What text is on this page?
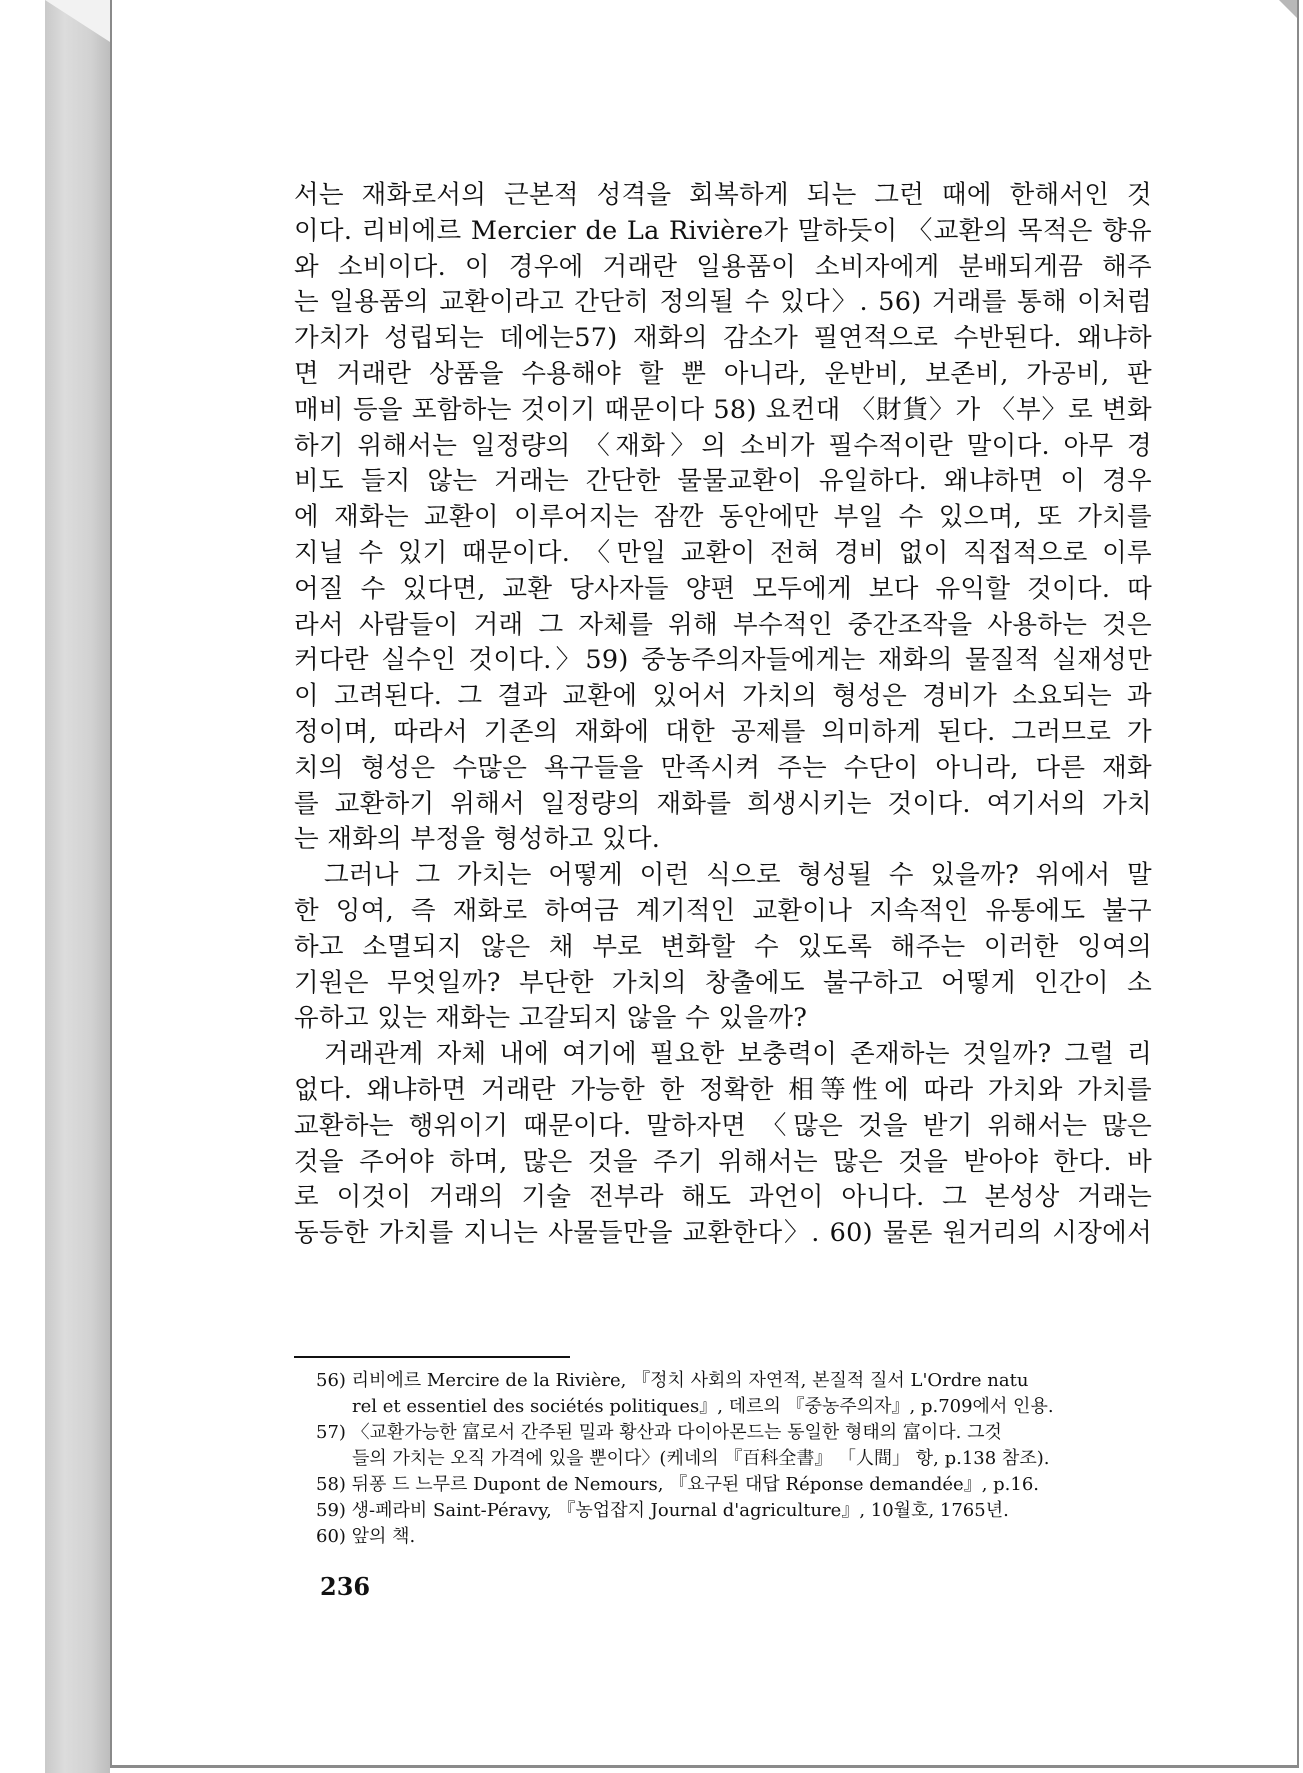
서는 재화로서의 근본적 성격을 회복하게 되는 그런 때에 한해서인 것
이다. 리비에르 Mercier de La Rivière가 말하듯이 〈교환의 목적은 향유
와 소비이다. 이 경우에 거래란 일용품이 소비자에게 분배되게끔 해주
는 일용품의 교환이라고 간단히 정의될 수 있다〉. 56) 거래를 통해 이처럼
가치가 성립되는 데에는57) 재화의 감소가 필연적으로 수반된다. 왜냐하
면 거래란 상품을 수용해야 할 뿐 아니라, 운반비, 보존비, 가공비, 판
매비 등을 포함하는 것이기 때문이다 58) 요컨대 〈財貨〉가 〈부〉로 변화
하기 위해서는 일정량의 〈재화〉의 소비가 필수적이란 말이다. 아무 경
비도 들지 않는 거래는 간단한 물물교환이 유일하다. 왜냐하면 이 경우
에 재화는 교환이 이루어지는 잠깐 동안에만 부일 수 있으며, 또 가치를
지닐 수 있기 때문이다. 〈만일 교환이 전혀 경비 없이 직접적으로 이루
어질 수 있다면, 교환 당사자들 양편 모두에게 보다 유익할 것이다. 따
라서 사람들이 거래 그 자체를 위해 부수적인 중간조작을 사용하는 것은
커다란 실수인 것이다.〉59) 중농주의자들에게는 재화의 물질적 실재성만
이 고려된다. 그 결과 교환에 있어서 가치의 형성은 경비가 소요되는 과
정이며, 따라서 기존의 재화에 대한 공제를 의미하게 된다. 그러므로 가
치의 형성은 수많은 욕구들을 만족시켜 주는 수단이 아니라, 다른 재화
를 교환하기 위해서 일정량의 재화를 희생시키는 것이다. 여기서의 가치
는 재화의 부정을 형성하고 있다.
그러나 그 가치는 어떻게 이런 식으로 형성될 수 있을까? 위에서 말
한 잉여, 즉 재화로 하여금 계기적인 교환이나 지속적인 유통에도 불구
하고 소멸되지 않은 채 부로 변화할 수 있도록 해주는 이러한 잉여의
기원은 무엇일까? 부단한 가치의 창출에도 불구하고 어떻게 인간이 소
유하고 있는 재화는 고갈되지 않을 수 있을까?
거래관계 자체 내에 여기에 필요한 보충력이 존재하는 것일까? 그럴 리
없다. 왜냐하면 거래란 가능한 한 정확한 相等性에 따라 가치와 가치를
교환하는 행위이기 때문이다. 말하자면 〈많은 것을 받기 위해서는 많은
것을 주어야 하며, 많은 것을 주기 위해서는 많은 것을 받아야 한다. 바
로 이것이 거래의 기술 전부라 해도 과언이 아니다. 그 본성상 거래는
동등한 가치를 지니는 사물들만을 교환한다〉. 60) 물론 원거리의 시장에서
56) 리비에르 Mercire de la Rivière, 『정치 사회의 자연적, 본질적 질서 L'Ordre natu
rel et essentiel des sociétés politiques』, 데르의 『중농주의자』, p.709에서 인용.
57) 〈교환가능한 富로서 간주된 밀과 황산과 다이아몬드는 동일한 형태의 富이다. 그것
들의 가치는 오직 가격에 있을 뿐이다〉(케네의 『百科全書』 「人間」 항, p.138 참조).
58) 뒤퐁 드 느무르 Dupont de Nemours, 『요구된 대답 Réponse demandée』, p.16.
59) 생-페라비 Saint-Péravy, 『농업잡지 Journal d'agriculture』, 10월호, 1765년.
60) 앞의 책.
236
